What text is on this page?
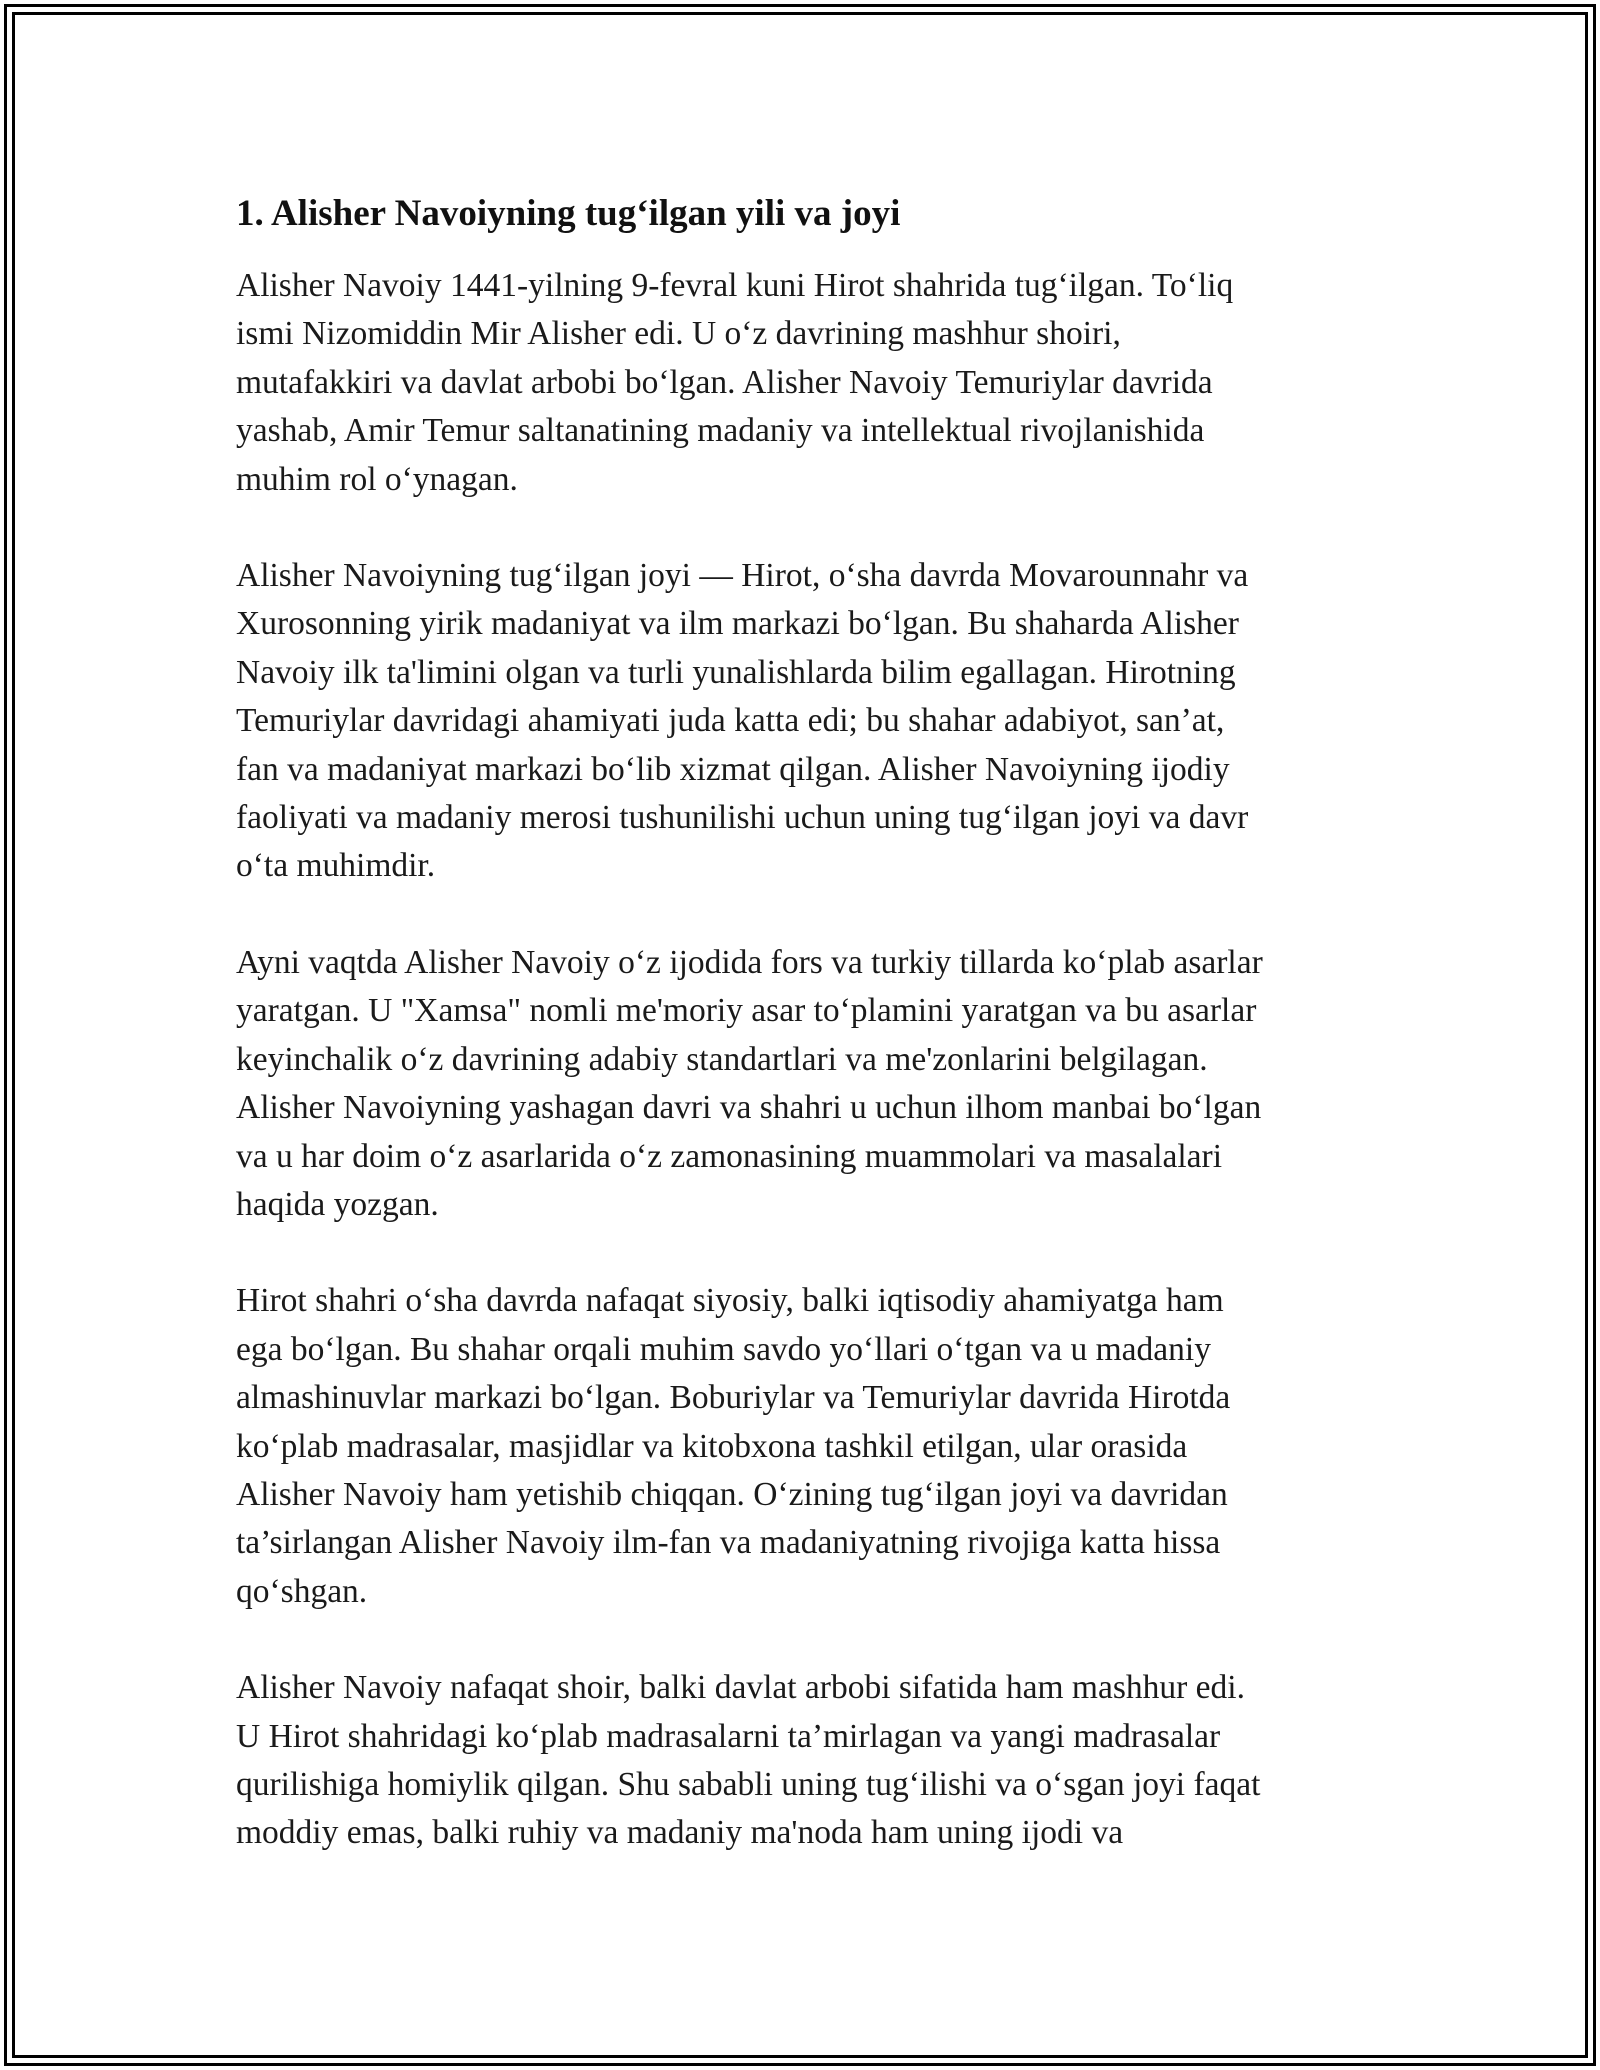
1. Alisher Navoiyning tug‘ilgan yili va joyi

Alisher Navoiy 1441-yilning 9-fevral kuni Hirot shahrida tug‘ilgan. To‘liq
ismi Nizomiddin Mir Alisher edi. U o‘z davrining mashhur shoiri,
mutafakkiri va davlat arbobi bo‘lgan. Alisher Navoiy Temuriylar davrida
yashab, Amir Temur saltanatining madaniy va intellektual rivojlanishida
muhim rol o‘ynagan.

Alisher Navoiyning tug‘ilgan joyi — Hirot, o‘sha davrda Movarounnahr va
Xurosonning yirik madaniyat va ilm markazi bo‘lgan. Bu shaharda Alisher
Navoiy ilk ta'limini olgan va turli yunalishlarda bilim egallagan. Hirotning
Temuriylar davridagi ahamiyati juda katta edi; bu shahar adabiyot, san’at,
fan va madaniyat markazi bo‘lib xizmat qilgan. Alisher Navoiyning ijodiy
faoliyati va madaniy merosi tushunilishi uchun uning tug‘ilgan joyi va davr
o‘ta muhimdir.

Ayni vaqtda Alisher Navoiy o‘z ijodida fors va turkiy tillarda ko‘plab asarlar
yaratgan. U "Xamsa" nomli me'moriy asar to‘plamini yaratgan va bu asarlar
keyinchalik o‘z davrining adabiy standartlari va me'zonlarini belgilagan.
Alisher Navoiyning yashagan davri va shahri u uchun ilhom manbai bo‘lgan
va u har doim o‘z asarlarida o‘z zamonasining muammolari va masalalari
haqida yozgan.

Hirot shahri o‘sha davrda nafaqat siyosiy, balki iqtisodiy ahamiyatga ham
ega bo‘lgan. Bu shahar orqali muhim savdo yo‘llari o‘tgan va u madaniy
almashinuvlar markazi bo‘lgan. Boburiylar va Temuriylar davrida Hirotda
ko‘plab madrasalar, masjidlar va kitobxona tashkil etilgan, ular orasida
Alisher Navoiy ham yetishib chiqqan. O‘zining tug‘ilgan joyi va davridan
ta’sirlangan Alisher Navoiy ilm-fan va madaniyatning rivojiga katta hissa
qo‘shgan.

Alisher Navoiy nafaqat shoir, balki davlat arbobi sifatida ham mashhur edi.
U Hirot shahridagi ko‘plab madrasalarni ta’mirlagan va yangi madrasalar
qurilishiga homiylik qilgan. Shu sababli uning tug‘ilishi va o‘sgan joyi faqat
moddiy emas, balki ruhiy va madaniy ma'noda ham uning ijodi va
